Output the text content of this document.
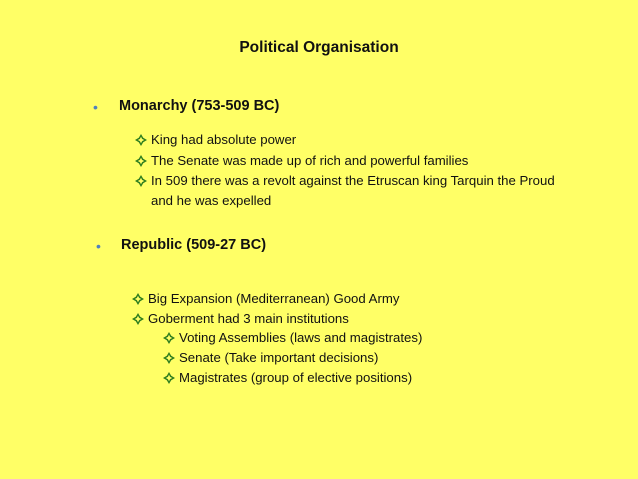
Political Organisation
• Monarchy (753-509 BC)
King had absolute power
The Senate was made up of rich and powerful families
In 509 there was a revolt against the Etruscan king Tarquin the Proud
and he was expelled
• Republic (509-27 BC)
Big Expansion (Mediterranean) Good Army
Goberment had 3 main institutions
Voting Assemblies (laws and magistrates)
Senate (Take important decisions)
Magistrates (group of elective positions)
